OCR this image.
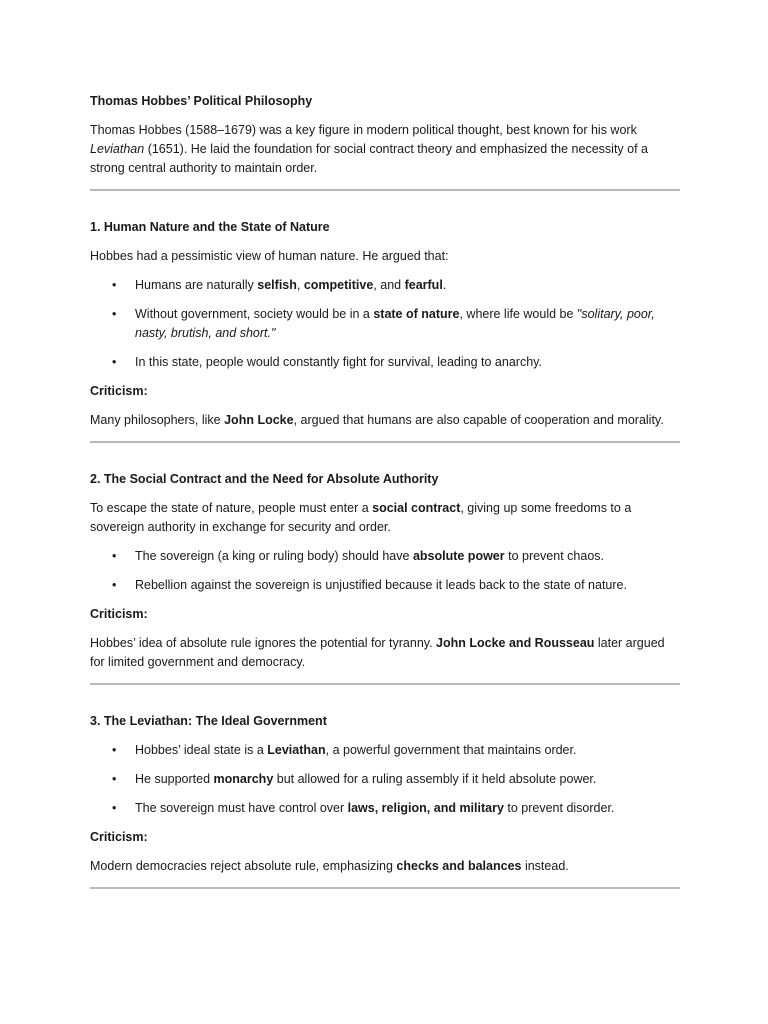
Thomas Hobbes’ Political Philosophy

Thomas Hobbes (1588–1679) was a key figure in modern political thought, best known for his work Leviathan (1651). He laid the foundation for social contract theory and emphasized the necessity of a strong central authority to maintain order.

1. Human Nature and the State of Nature

Hobbes had a pessimistic view of human nature. He argued that:

• Humans are naturally selfish, competitive, and fearful.
• Without government, society would be in a state of nature, where life would be "solitary, poor, nasty, brutish, and short."
• In this state, people would constantly fight for survival, leading to anarchy.

Criticism:

Many philosophers, like John Locke, argued that humans are also capable of cooperation and morality.

2. The Social Contract and the Need for Absolute Authority

To escape the state of nature, people must enter a social contract, giving up some freedoms to a sovereign authority in exchange for security and order.

• The sovereign (a king or ruling body) should have absolute power to prevent chaos.
• Rebellion against the sovereign is unjustified because it leads back to the state of nature.

Criticism:

Hobbes’ idea of absolute rule ignores the potential for tyranny. John Locke and Rousseau later argued for limited government and democracy.

3. The Leviathan: The Ideal Government

• Hobbes’ ideal state is a Leviathan, a powerful government that maintains order.
• He supported monarchy but allowed for a ruling assembly if it held absolute power.
• The sovereign must have control over laws, religion, and military to prevent disorder.

Criticism:

Modern democracies reject absolute rule, emphasizing checks and balances instead.
